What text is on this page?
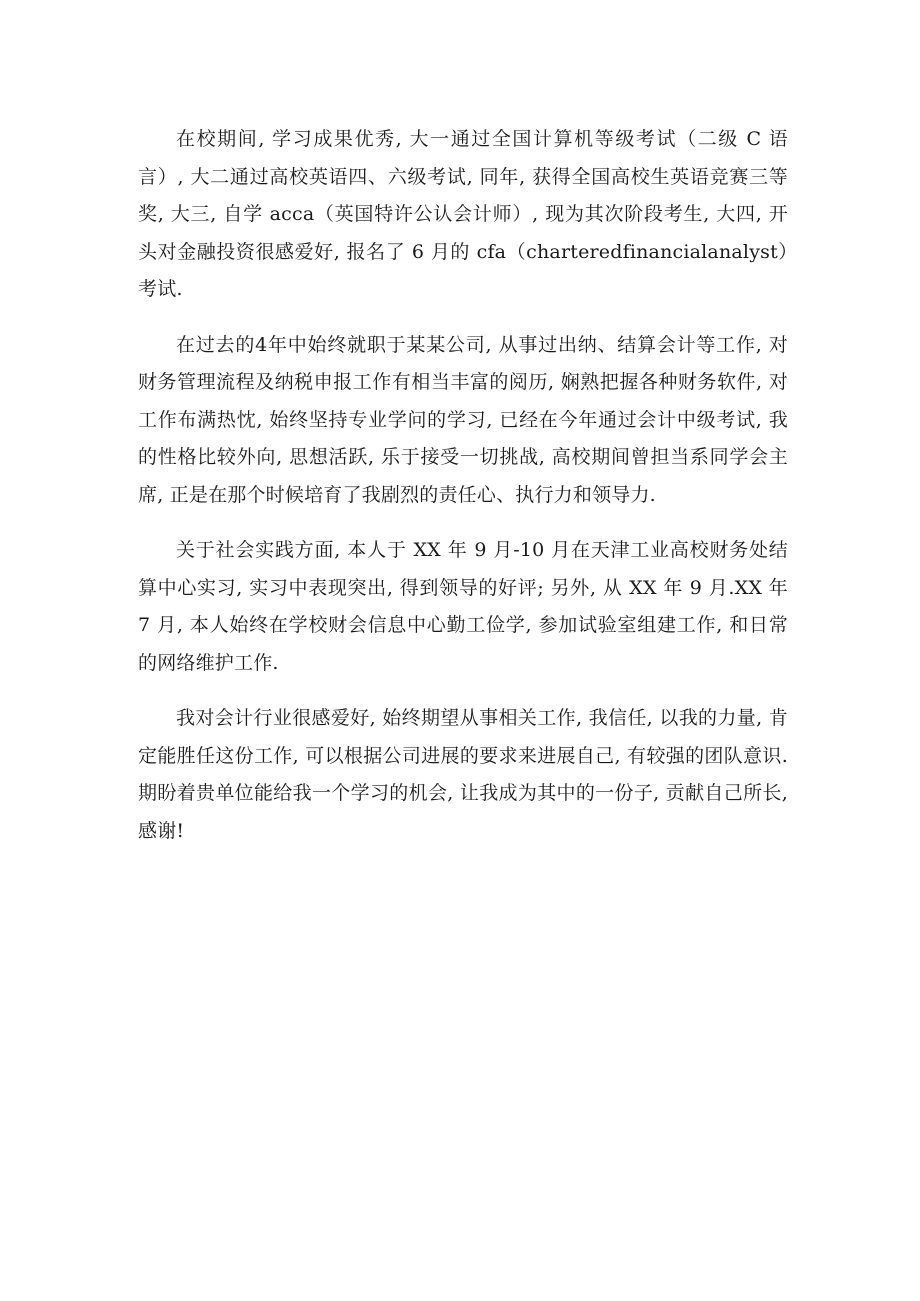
在校期间, 学习成果优秀, 大一通过全国计算机等级考试（二级 C 语言）, 大二通过高校英语四、六级考试, 同年, 获得全国高校生英语竞赛三等奖, 大三, 自学 acca（英国特许公认会计师）, 现为其次阶段考生, 大四, 开头对金融投资很感爱好, 报名了 6 月的 cfa（charteredfinancialanalyst）考试.

在过去的4年中始终就职于某某公司, 从事过出纳、结算会计等工作, 对财务管理流程及纳税申报工作有相当丰富的阅历, 娴熟把握各种财务软件, 对工作布满热忱, 始终坚持专业学问的学习, 已经在今年通过会计中级考试, 我的性格比较外向, 思想活跃, 乐于接受一切挑战, 高校期间曾担当系同学会主席, 正是在那个时候培育了我剧烈的责任心、执行力和领导力.

关于社会实践方面, 本人于 XX 年 9 月-10 月在天津工业高校财务处结算中心实习, 实习中表现突出, 得到领导的好评; 另外, 从 XX 年 9 月.XX 年 7 月, 本人始终在学校财会信息中心勤工俭学, 参加试验室组建工作, 和日常的网络维护工作.

我对会计行业很感爱好, 始终期望从事相关工作, 我信任, 以我的力量, 肯定能胜任这份工作, 可以根据公司进展的要求来进展自己, 有较强的团队意识. 期盼着贵单位能给我一个学习的机会, 让我成为其中的一份子, 贡献自己所长, 感谢!
